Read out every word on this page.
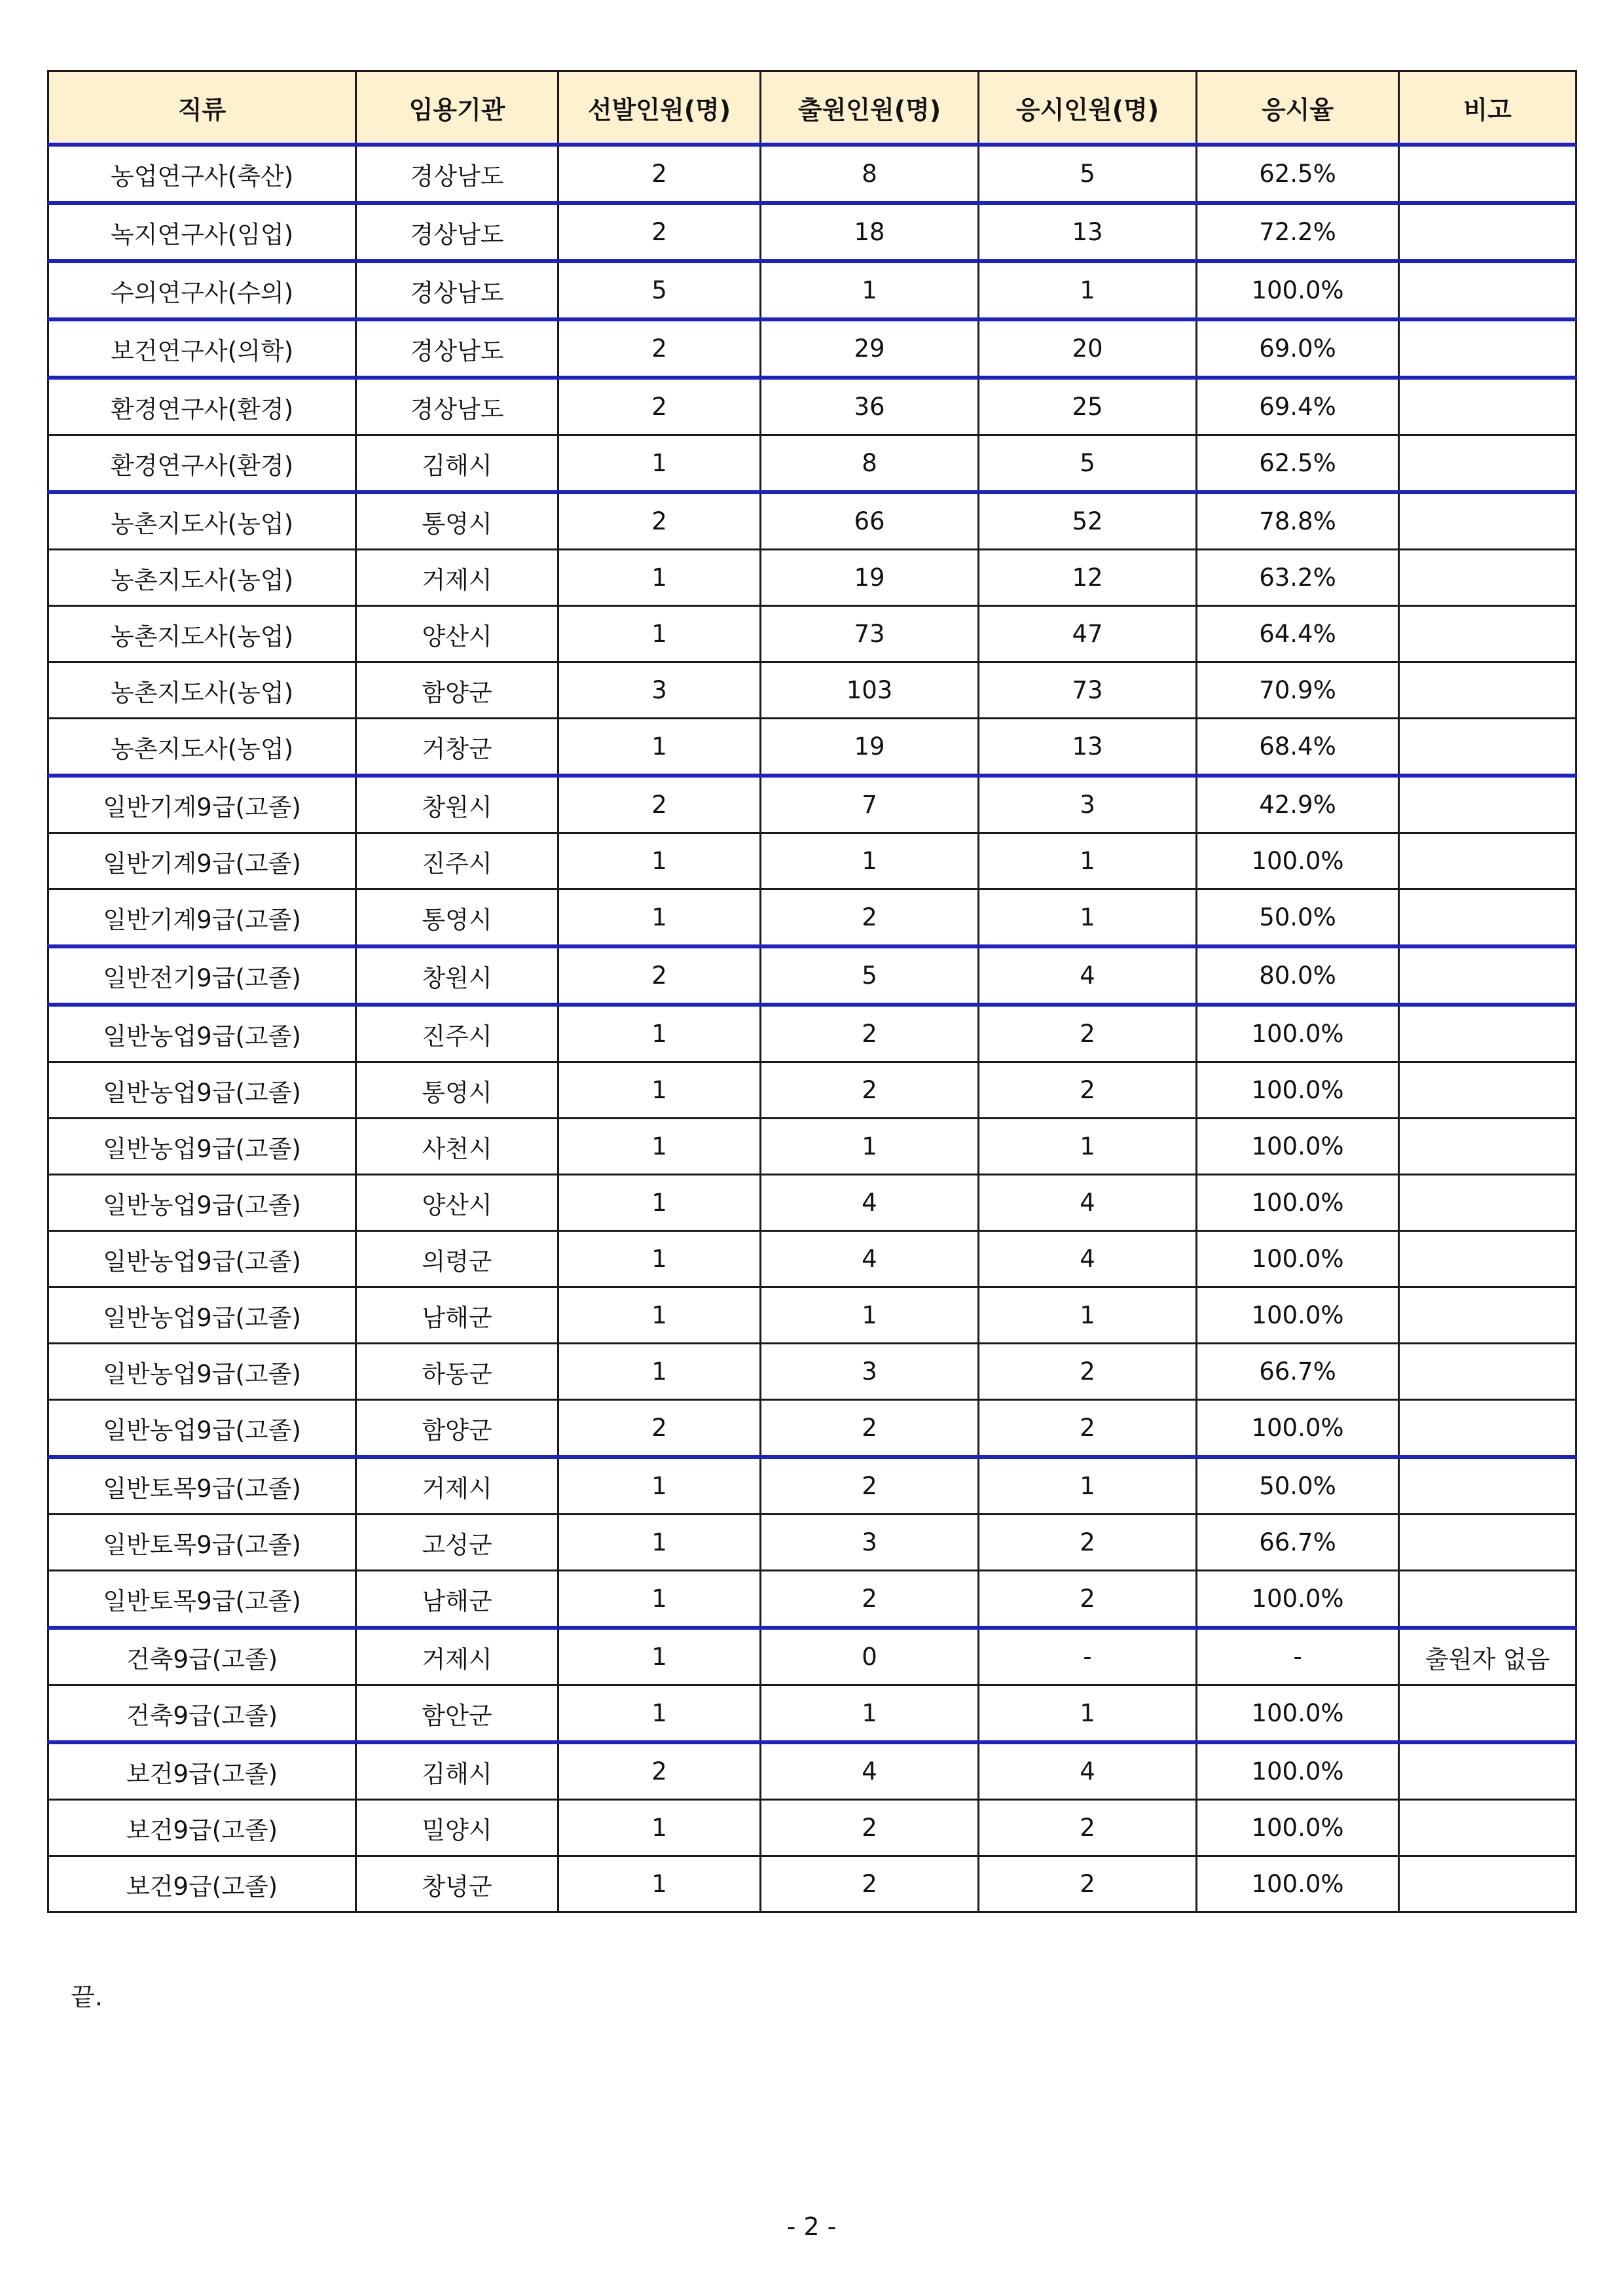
직류	임용기관	선발인원(명)	출원인원(명)	응시인원(명)	응시율	비고
농업연구사(축산)	경상남도	2	8	5	62.5%	
녹지연구사(임업)	경상남도	2	18	13	72.2%	
수의연구사(수의)	경상남도	5	1	1	100.0%	
보건연구사(의학)	경상남도	2	29	20	69.0%	
환경연구사(환경)	경상남도	2	36	25	69.4%	
환경연구사(환경)	김해시	1	8	5	62.5%	
농촌지도사(농업)	통영시	2	66	52	78.8%	
농촌지도사(농업)	거제시	1	19	12	63.2%	
농촌지도사(농업)	양산시	1	73	47	64.4%	
농촌지도사(농업)	함양군	3	103	73	70.9%	
농촌지도사(농업)	거창군	1	19	13	68.4%	
일반기계9급(고졸)	창원시	2	7	3	42.9%	
일반기계9급(고졸)	진주시	1	1	1	100.0%	
일반기계9급(고졸)	통영시	1	2	1	50.0%	
일반전기9급(고졸)	창원시	2	5	4	80.0%	
일반농업9급(고졸)	진주시	1	2	2	100.0%	
일반농업9급(고졸)	통영시	1	2	2	100.0%	
일반농업9급(고졸)	사천시	1	1	1	100.0%	
일반농업9급(고졸)	양산시	1	4	4	100.0%	
일반농업9급(고졸)	의령군	1	4	4	100.0%	
일반농업9급(고졸)	남해군	1	1	1	100.0%	
일반농업9급(고졸)	하동군	1	3	2	66.7%	
일반농업9급(고졸)	함양군	2	2	2	100.0%	
일반토목9급(고졸)	거제시	1	2	1	50.0%	
일반토목9급(고졸)	고성군	1	3	2	66.7%	
일반토목9급(고졸)	남해군	1	2	2	100.0%	
건축9급(고졸)	거제시	1	0	-	-	출원자 없음
건축9급(고졸)	함안군	1	1	1	100.0%	
보건9급(고졸)	김해시	2	4	4	100.0%	
보건9급(고졸)	밀양시	1	2	2	100.0%	
보건9급(고졸)	창녕군	1	2	2	100.0%	
끝.
- 2 -
